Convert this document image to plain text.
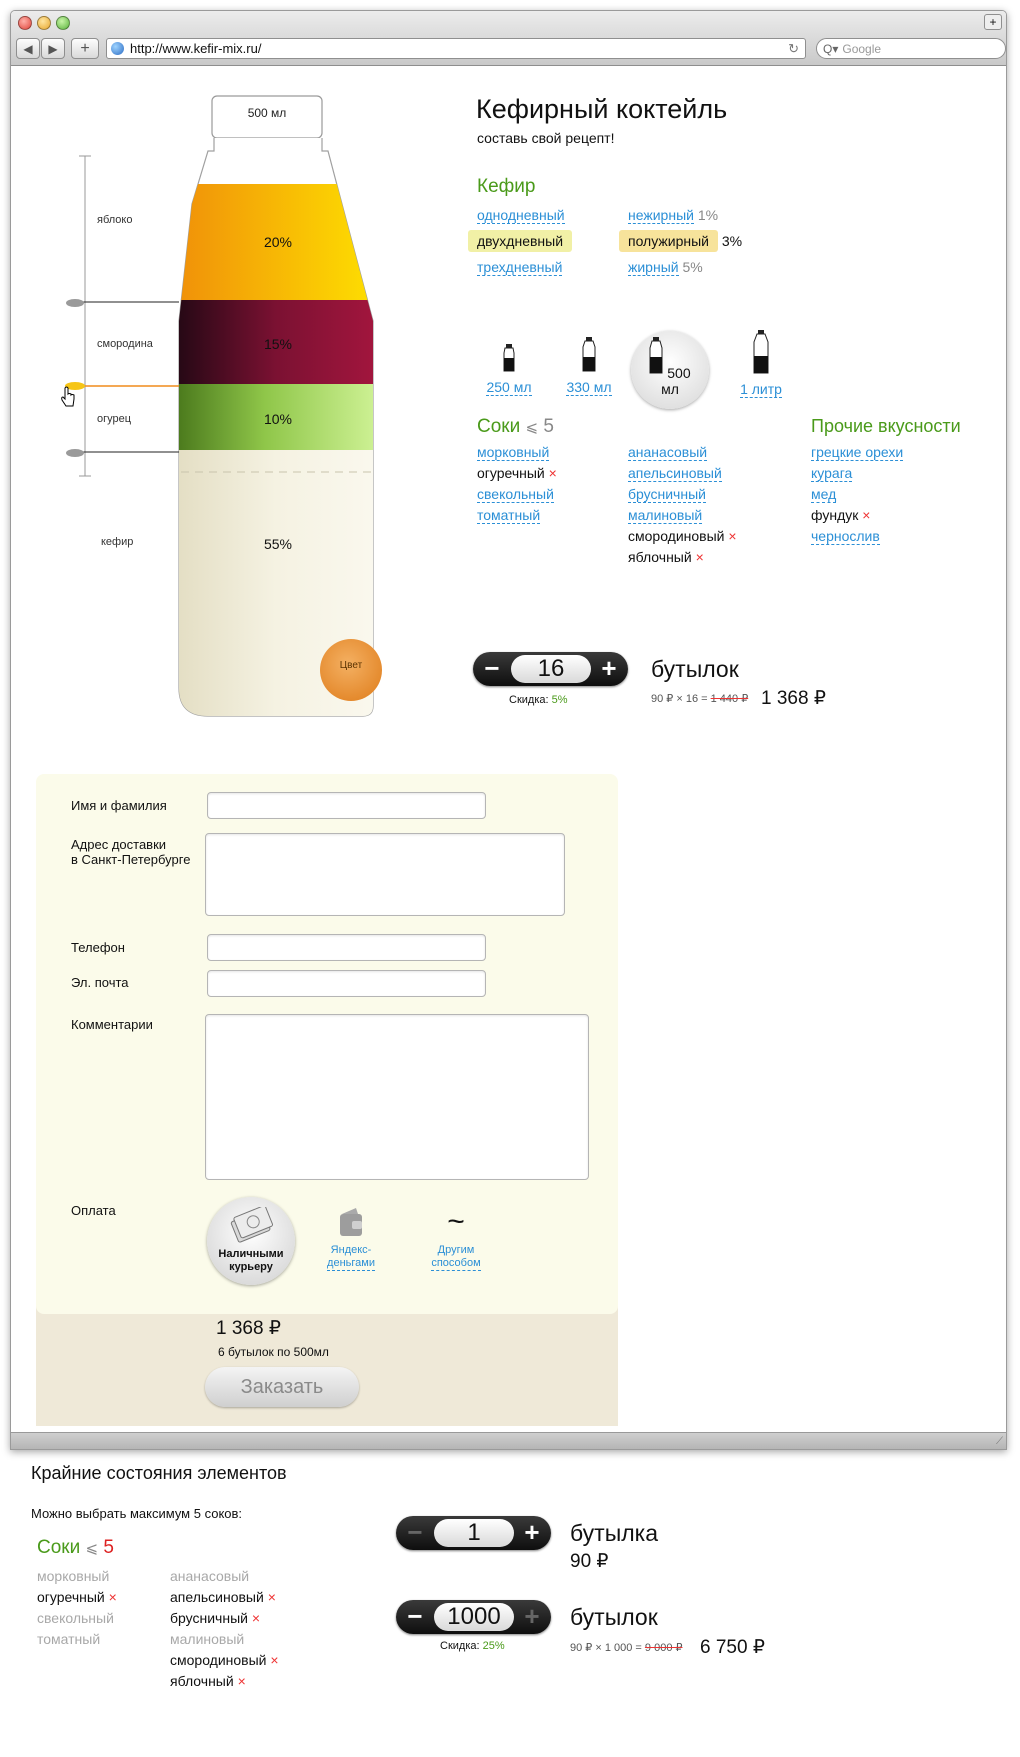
+
◀ ▶ +	http://www.kefir-mix.ru/	↻ Q▾ Google
500 мл
яблоко
смородина
огурец
кефир
20%
15%
10%
55%
Цвет
Кефирный коктейль
составь свой рецепт!
Кефир
однодневный
двухдневный
трехдневный
нежирный 1%
полужирный 3%
жирный 5%
250 мл	330 мл
500 мл	1 литр
Соки ⩽ 5
морковный
огуречный ×
свекольный
томатный
ананасовый
апельсиновый
брусничный
малиновый
смородиновый ×
яблочный ×
Прочие вкусности
грецкие орехи
курага
мед
фундук ×
чернослив
−	16	+	бутылок
Скидка: 5%	90 ₽ × 16 = 1 440 ₽ 1 368 ₽
Имя и фамилия
Адрес доставки
в Санкт-Петербурге
Телефон
Эл. почта
Комментарии
Оплата
Наличными
курьеру
Яндекс-
деньгами
~
Другим
способом
1 368 ₽
6 бутылок по 500мл
Заказать
⟋
Крайние состояния элементов
Можно выбрать максимум 5 соков:
Соки ⩽ 5
морковный
огуречный ×
свекольный
томатный
ананасовый
апельсиновый ×
брусничный ×
малиновый
смородиновый ×
яблочный ×
−	1	+	бутылка
90 ₽
−	1000 +	бутылок
Скидка: 25%	90 ₽ × 1 000 = 9 000 ₽ 6 750 ₽
